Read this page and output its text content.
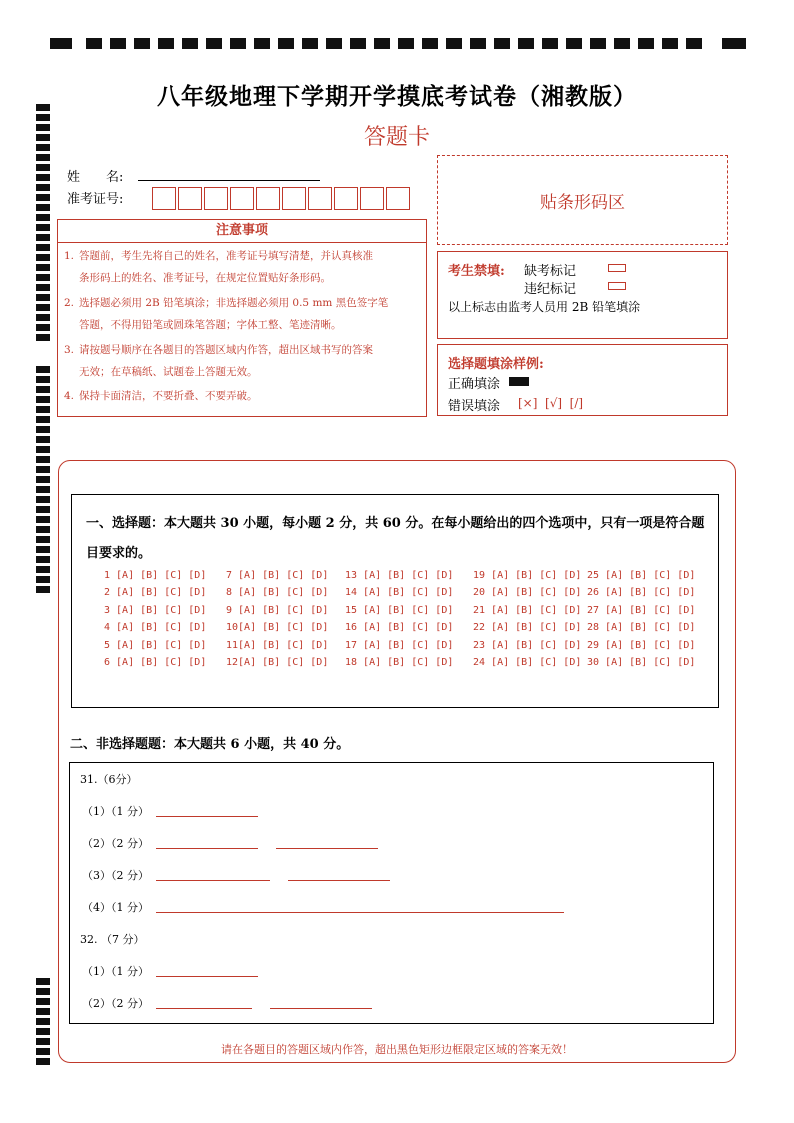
八年级地理下学期开学摸底考试卷（湘教版）
答题卡
姓　　名:
准考证号:	贴条形码区
注意事项
1. 答题前，考生先将自己的姓名，准考证号填写清楚，并认真核准
条形码上的姓名、准考证号，在规定位置贴好条形码。
2. 选择题必须用 2B 铅笔填涂；非选择题必须用 0.5 mm 黑色签字笔
答题，不得用铅笔或圆珠笔答题；字体工整、笔迹清晰。
3. 请按题号顺序在各题目的答题区域内作答，超出区域书写的答案
无效；在草稿纸、试题卷上答题无效。
4. 保持卡面清洁，不要折叠、不要弄破。
考生禁填: 缺考标记
违纪标记
以上标志由监考人员用 2B 铅笔填涂
选择题填涂样例:
正确填涂
错误填涂 [×]  [√]  [/]
一、选择题：本大题共 30 小题，每小题 2 分，共 60 分。在每小题给出的四个选项中，只有一项是符合题目要求的。
1 [A] [B] [C] [D]
2 [A] [B] [C] [D]
3 [A] [B] [C] [D]
4 [A] [B] [C] [D]
5 [A] [B] [C] [D]
6 [A] [B] [C] [D]
7 [A] [B] [C] [D]
8 [A] [B] [C] [D]
9 [A] [B] [C] [D]
10[A] [B] [C] [D]
11[A] [B] [C] [D]
12[A] [B] [C] [D]
13 [A] [B] [C] [D]
14 [A] [B] [C] [D]
15 [A] [B] [C] [D]
16 [A] [B] [C] [D]
17 [A] [B] [C] [D]
18 [A] [B] [C] [D]
19 [A] [B] [C] [D]
20 [A] [B] [C] [D]
21 [A] [B] [C] [D]
22 [A] [B] [C] [D]
23 [A] [B] [C] [D]
24 [A] [B] [C] [D]
25 [A] [B] [C] [D]
26 [A] [B] [C] [D]
27 [A] [B] [C] [D]
28 [A] [B] [C] [D]
29 [A] [B] [C] [D]
30 [A] [B] [C] [D]
二、非选择题题：本大题共 6 小题，共 40 分。
31.（6分）
（1）（1 分）
（2）（2 分）
（3）（2 分）
（4）（1 分）
32. （7 分）
（1）（1 分）
（2）（2 分）
请在各题目的答题区域内作答，超出黑色矩形边框限定区域的答案无效！
